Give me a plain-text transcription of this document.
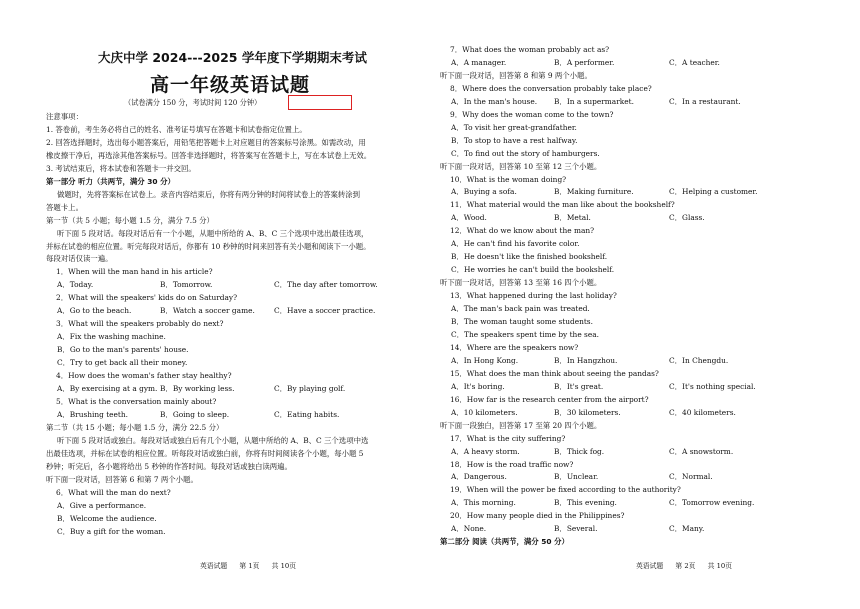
大庆中学 2024---2025 学年度下学期期末考试
高一年级英语试题
（试卷满分 150 分，考试时间 120 分钟）
注意事项：
1. 答卷前，考生务必将自己的姓名、准考证号填写在答题卡和试卷指定位置上。
2. 回答选择题时，选出每小题答案后，用铅笔把答题卡上对应题目的答案标号涂黑。如需改动，用
橡皮擦干净后，再选涂其他答案标号。回答非选择题时，将答案写在答题卡上，写在本试卷上无效。
3. 考试结束后，将本试卷和答题卡一并交回。
第一部分 听力（共两节，满分 30 分）
做题时，先将答案标在试卷上。录音内容结束后，你将有两分钟的时间将试卷上的答案转涂到
答题卡上。
第一节（共 5 小题；每小题 1.5 分，满分 7.5 分）
听下面 5 段对话。每段对话后有一个小题，从题中所给的 A、B、C 三个选项中选出最佳选项，
并标在试卷的相应位置。听完每段对话后，你都有 10 秒钟的时间来回答有关小题和阅读下一小题。
每段对话仅读一遍。
1．When will the man hand in his article?
A．Today.	B．Tomorrow.	C．The day after tomorrow.
2．What will the speakers' kids do on Saturday?
A．Go to the beach.	B．Watch a soccer game.	C．Have a soccer practice.
3．What will the speakers probably do next?
A．Fix the washing machine.
B．Go to the man's parents' house.
C．Try to get back all their money.
4．How does the woman's father stay healthy?
A．By exercising at a gym. B．By working less.	C．By playing golf.
5．What is the conversation mainly about?
A．Brushing teeth.	B．Going to sleep.	C．Eating habits.
第二节（共 15 小题；每小题 1.5 分，满分 22.5 分）
听下面 5 段对话或独白。每段对话或独白后有几个小题，从题中所给的 A、B、C 三个选项中选
出最佳选项，并标在试卷的相应位置。听每段对话或独白前，你将有时间阅读各个小题，每小题 5
秒钟；听完后，各小题将给出 5 秒钟的作答时间。每段对话或独白读两遍。
听下面一段对话，回答第 6 和第 7 两个小题。
6．What will the man do next?
A．Give a performance.
B．Welcome the audience.
C．Buy a gift for the woman.
7．What does the woman probably act as?
A．A manager.	B．A performer.	C．A teacher.
听下面一段对话，回答第 8 和第 9 两个小题。
8．Where does the conversation probably take place?
A．In the man's house.	B．In a supermarket.	C．In a restaurant.
9．Why does the woman come to the town?
A．To visit her great-grandfather.
B．To stop to have a rest halfway.
C．To find out the story of hamburgers.
听下面一段对话，回答第 10 至第 12 三个小题。
10．What is the woman doing?
A．Buying a sofa.	B．Making furniture.	C．Helping a customer.
11．What material would the man like about the bookshelf?
A．Wood.	B．Metal.	C．Glass.
12．What do we know about the man?
A．He can't find his favorite color.
B．He doesn't like the finished bookshelf.
C．He worries he can't build the bookshelf.
听下面一段对话，回答第 13 至第 16 四个小题。
13．What happened during the last holiday?
A．The man's back pain was treated.
B．The woman taught some students.
C．The speakers spent time by the sea.
14．Where are the speakers now?
A．In Hong Kong.	B．In Hangzhou.	C．In Chengdu.
15．What does the man think about seeing the pandas?
A．It's boring.	B．It's great.	C．It's nothing special.
16．How far is the research center from the airport?
A．10 kilometers.	B．30 kilometers.	C．40 kilometers.
听下面一段独白，回答第 17 至第 20 四个小题。
17．What is the city suffering?
A．A heavy storm.	B．Thick fog.	C．A snowstorm.
18．How is the road traffic now?
A．Dangerous.	B．Unclear.	C．Normal.
19．When will the power be fixed according to the authority?
A．This morning.	B．This evening.	C．Tomorrow evening.
20．How many people died in the Philippines?
A．None.	B．Several.	C．Many.
第二部分 阅读（共两节，满分 50 分）
英语试题 第 1页 共 10页	英语试题 第 2页 共 10页
